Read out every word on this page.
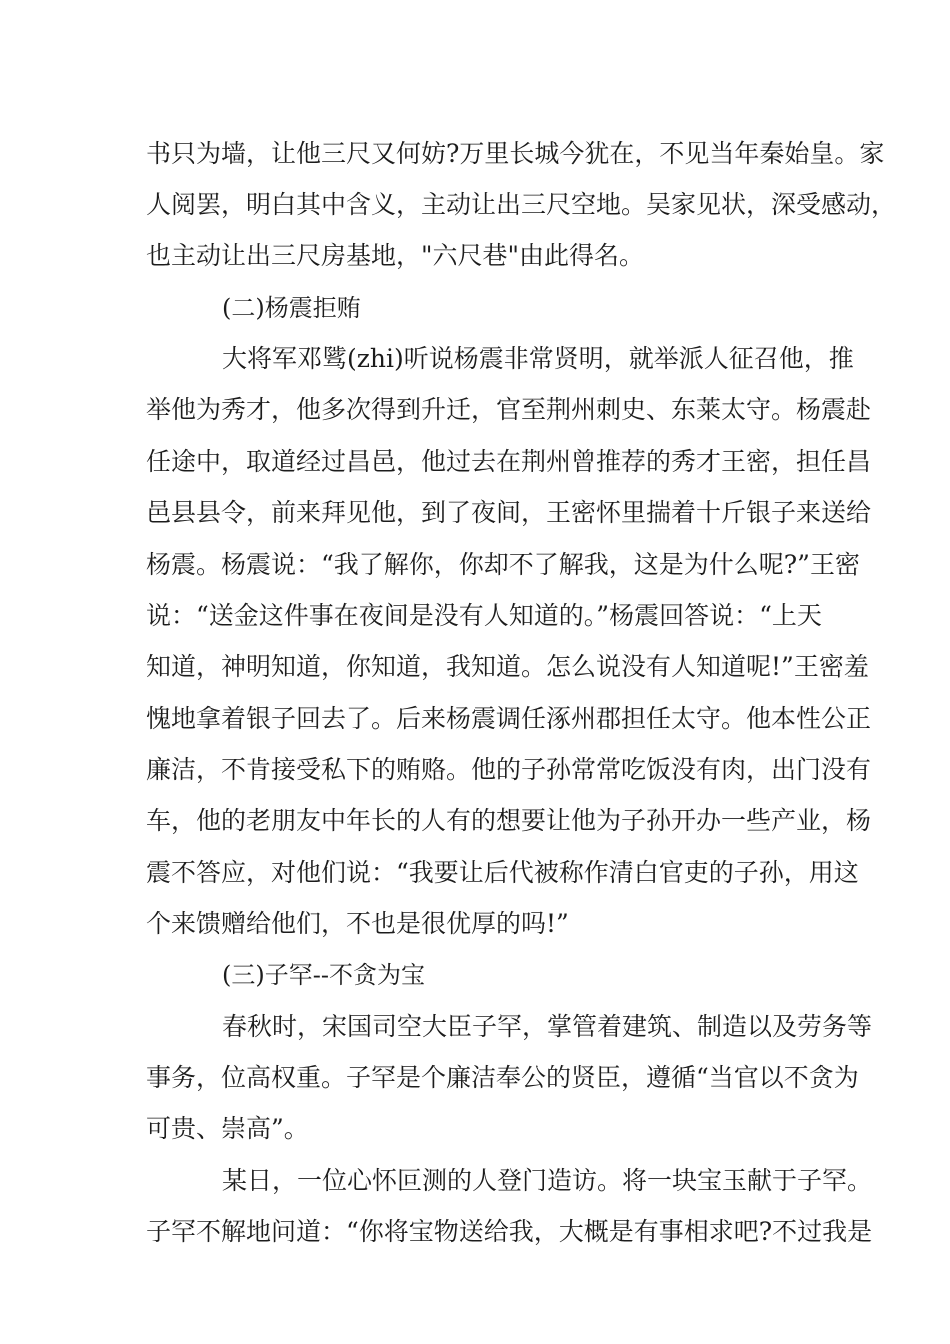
书只为墙，让他三尺又何妨?万里长城今犹在，不见当年秦始皇。家
人阅罢，明白其中含义，主动让出三尺空地。吴家见状，深受感动，
也主动让出三尺房基地，"六尺巷"由此得名。
(二)杨震拒贿
大将军邓骘(zhi)听说杨震非常贤明，就举派人征召他，推
举他为秀才，他多次得到升迁，官至荆州刺史、东莱太守。杨震赴
任途中，取道经过昌邑，他过去在荆州曾推荐的秀才王密，担任昌
邑县县令，前来拜见他，到了夜间，王密怀里揣着十斤银子来送给
杨震。杨震说：“我了解你，你却不了解我，这是为什么呢?”王密
说：“送金这件事在夜间是没有人知道的。”杨震回答说：“上天
知道，神明知道，你知道，我知道。怎么说没有人知道呢!”王密羞
愧地拿着银子回去了。后来杨震调任涿州郡担任太守。他本性公正
廉洁，不肯接受私下的贿赂。他的子孙常常吃饭没有肉，出门没有
车，他的老朋友中年长的人有的想要让他为子孙开办一些产业，杨
震不答应，对他们说：“我要让后代被称作清白官吏的子孙，用这
个来馈赠给他们，不也是很优厚的吗!”
(三)子罕--不贪为宝
春秋时，宋国司空大臣子罕，掌管着建筑、制造以及劳务等
事务，位高权重。子罕是个廉洁奉公的贤臣，遵循“当官以不贪为
可贵、崇高”。
某日，一位心怀叵测的人登门造访。将一块宝玉献于子罕。
子罕不解地问道：“你将宝物送给我，大概是有事相求吧?不过我是
